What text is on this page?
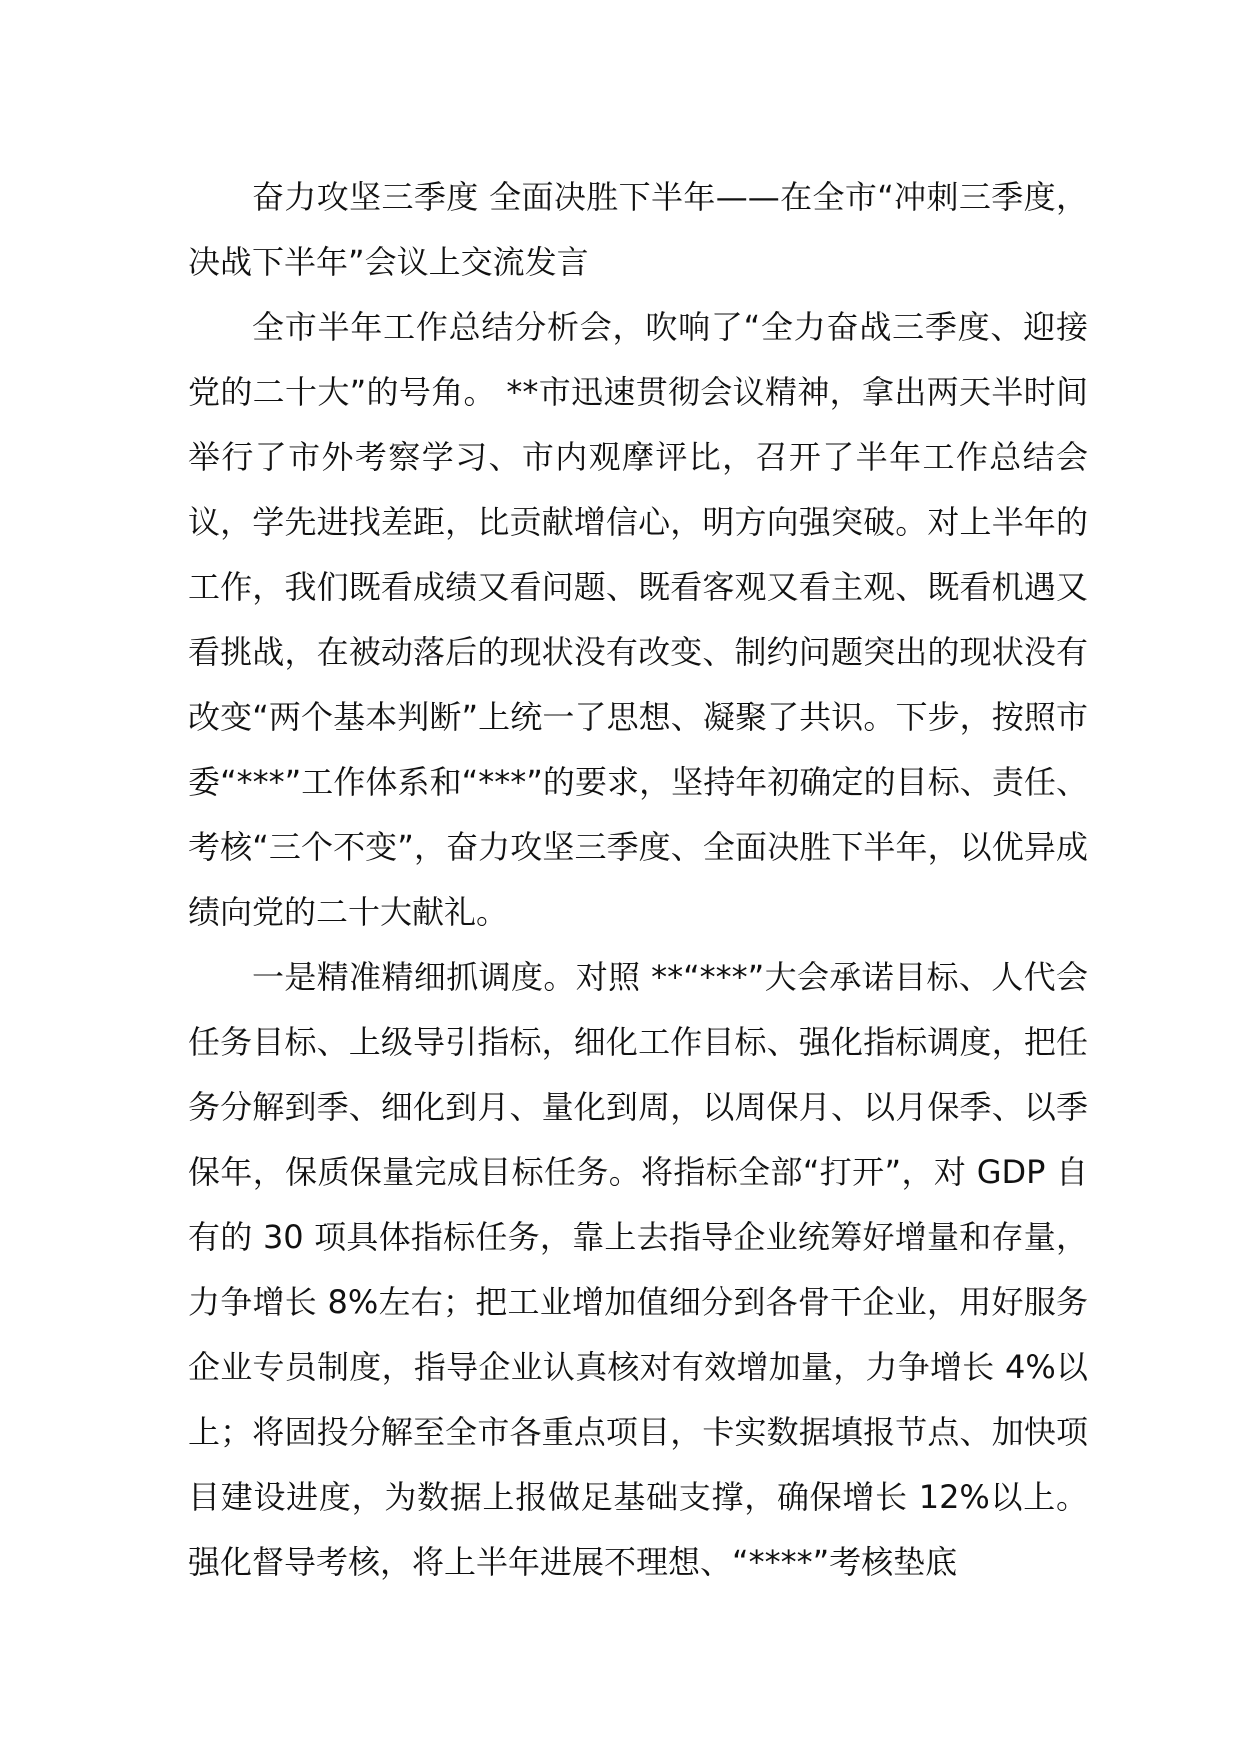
奋力攻坚三季度 全面决胜下半年——在全市“冲刺三季度，决战下半年”会议上交流发言

全市半年工作总结分析会，吹响了“全力奋战三季度、迎接党的二十大”的号角。 **市迅速贯彻会议精神，拿出两天半时间举行了市外考察学习、市内观摩评比，召开了半年工作总结会议，学先进找差距，比贡献增信心，明方向强突破。对上半年的工作，我们既看成绩又看问题、既看客观又看主观、既看机遇又看挑战，在被动落后的现状没有改变、制约问题突出的现状没有改变“两个基本判断”上统一了思想、凝聚了共识。下步，按照市委“***”工作体系和“***”的要求，坚持年初确定的目标、责任、考核“三个不变”，奋力攻坚三季度、全面决胜下半年，以优异成绩向党的二十大献礼。

一是精准精细抓调度。对照 **“***”大会承诺目标、人代会任务目标、上级导引指标，细化工作目标、强化指标调度，把任务分解到季、细化到月、量化到周，以周保月、以月保季、以季保年，保质保量完成目标任务。将指标全部“打开”，对 GDP 自有的 30 项具体指标任务，靠上去指导企业统筹好增量和存量，力争增长 8%左右；把工业增加值细分到各骨干企业，用好服务企业专员制度，指导企业认真核对有效增加量，力争增长 4%以上；将固投分解至全市各重点项目，卡实数据填报节点、加快项目建设进度，为数据上报做足基础支撑，确保增长 12%以上。强化督导考核，将上半年进展不理想、“****”考核垫底
